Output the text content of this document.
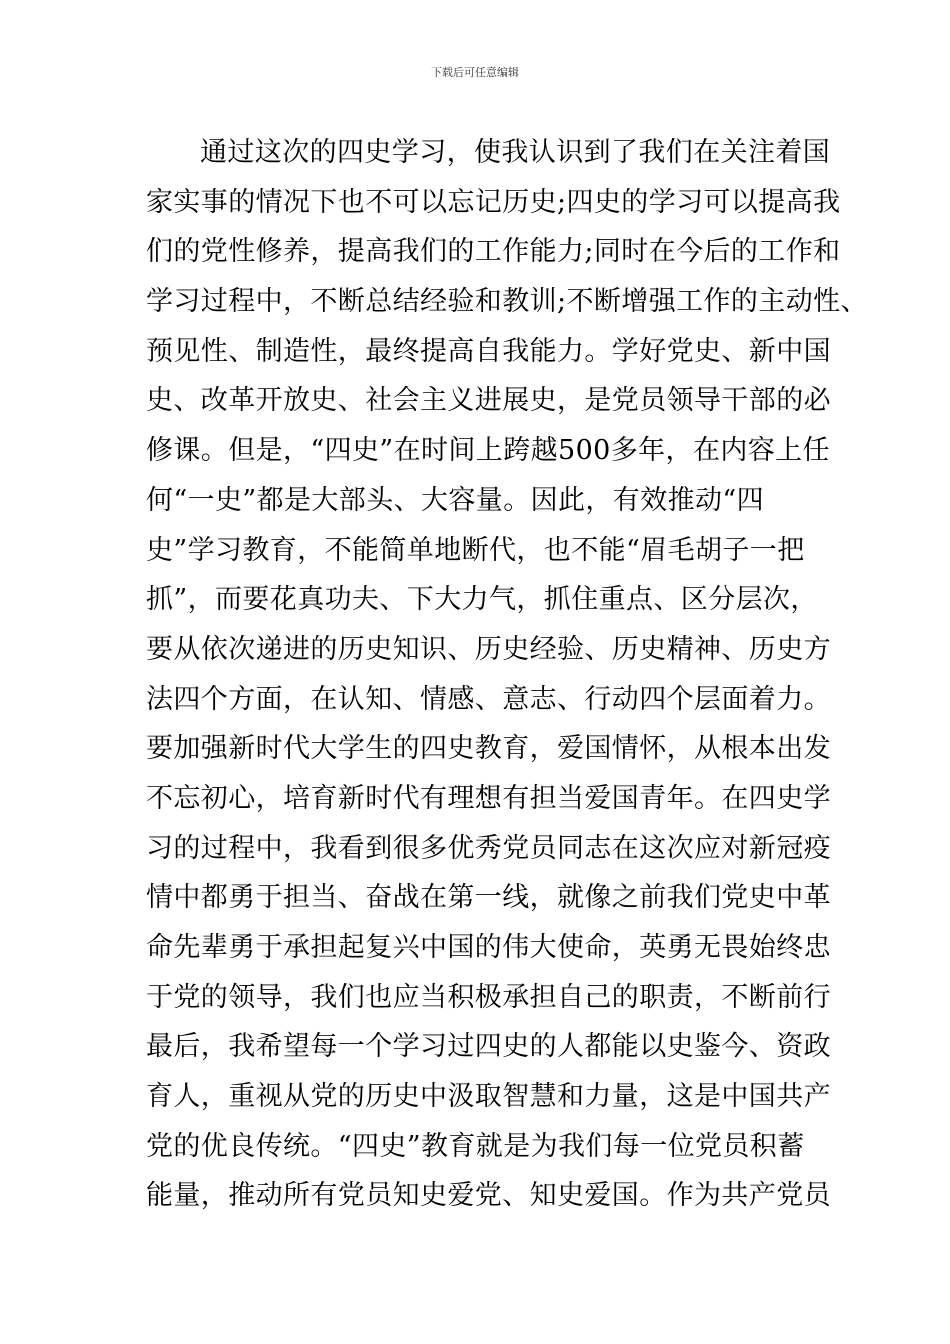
下载后可任意编辑
通过这次的四史学习，使我认识到了我们在关注着国
家实事的情况下也不可以忘记历史;四史的学习可以提高我
们的党性修养，提高我们的工作能力;同时在今后的工作和
学习过程中，不断总结经验和教训;不断增强工作的主动性、
预见性、制造性，最终提高自我能力。学好党史、新中国
史、改革开放史、社会主义进展史，是党员领导干部的必
修课。但是，“四史”在时间上跨越500多年，在内容上任
何“一史”都是大部头、大容量。因此，有效推动“四
史”学习教育，不能简单地断代，也不能“眉毛胡子一把
抓”，而要花真功夫、下大力气，抓住重点、区分层次，
要从依次递进的历史知识、历史经验、历史精神、历史方
法四个方面，在认知、情感、意志、行动四个层面着力。
要加强新时代大学生的四史教育，爱国情怀，从根本出发
不忘初心，培育新时代有理想有担当爱国青年。在四史学
习的过程中，我看到很多优秀党员同志在这次应对新冠疫
情中都勇于担当、奋战在第一线，就像之前我们党史中革
命先辈勇于承担起复兴中国的伟大使命，英勇无畏始终忠
于党的领导，我们也应当积极承担自己的职责，不断前行
最后，我希望每一个学习过四史的人都能以史鉴今、资政
育人，重视从党的历史中汲取智慧和力量，这是中国共产
党的优良传统。“四史”教育就是为我们每一位党员积蓄
能量，推动所有党员知史爱党、知史爱国。作为共产党员
